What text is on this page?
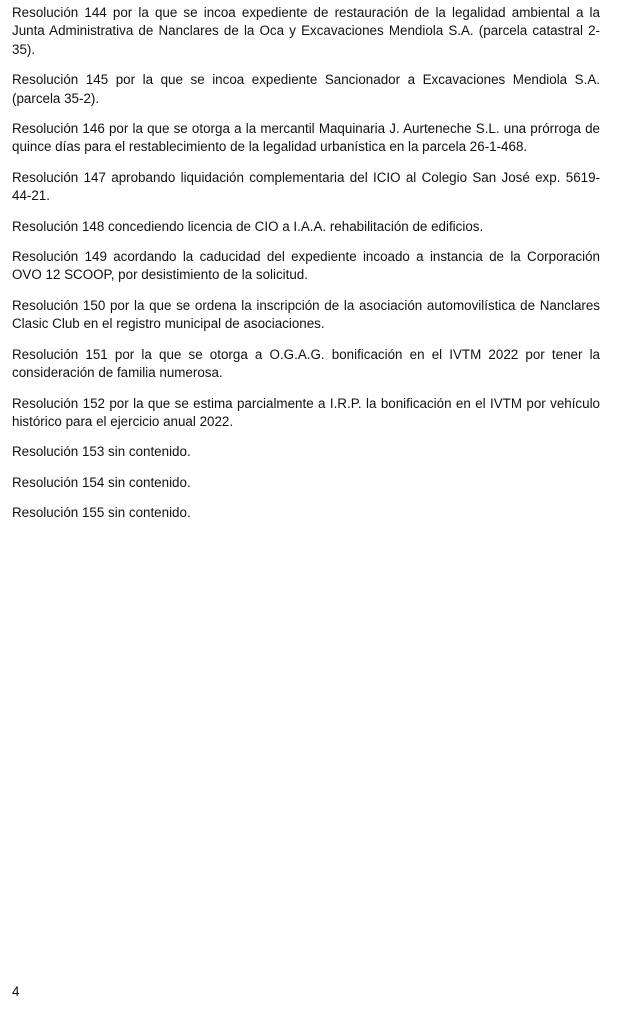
Resolución 144 por la que se incoa expediente de restauración de la legalidad ambiental a la Junta Administrativa de Nanclares de la Oca y Excavaciones Mendiola S.A. (parcela catastral 2-35).

Resolución 145 por la que se incoa expediente Sancionador a Excavaciones Mendiola S.A. (parcela 35-2).

Resolución 146 por la que se otorga a la mercantil Maquinaria J. Aurteneche S.L. una prórroga de quince días para el restablecimiento de la legalidad urbanística en la parcela 26-1-468.

Resolución 147 aprobando liquidación complementaria del ICIO al Colegio San José exp. 5619-44-21.

Resolución 148 concediendo licencia de CIO a I.A.A. rehabilitación de edificios.

Resolución 149 acordando la caducidad del expediente incoado a instancia de la Corporación OVO 12 SCOOP, por desistimiento de la solicitud.

Resolución 150 por la que se ordena la inscripción de la asociación automovilística de Nanclares Clasic Club en el registro municipal de asociaciones.

Resolución 151 por la que se otorga a O.G.A.G. bonificación en el IVTM 2022 por tener la consideración de familia numerosa.

Resolución 152 por la que se estima parcialmente a I.R.P. la bonificación en el IVTM por vehículo histórico para el ejercicio anual 2022.

Resolución 153 sin contenido.

Resolución 154 sin contenido.

Resolución 155 sin contenido.

4
